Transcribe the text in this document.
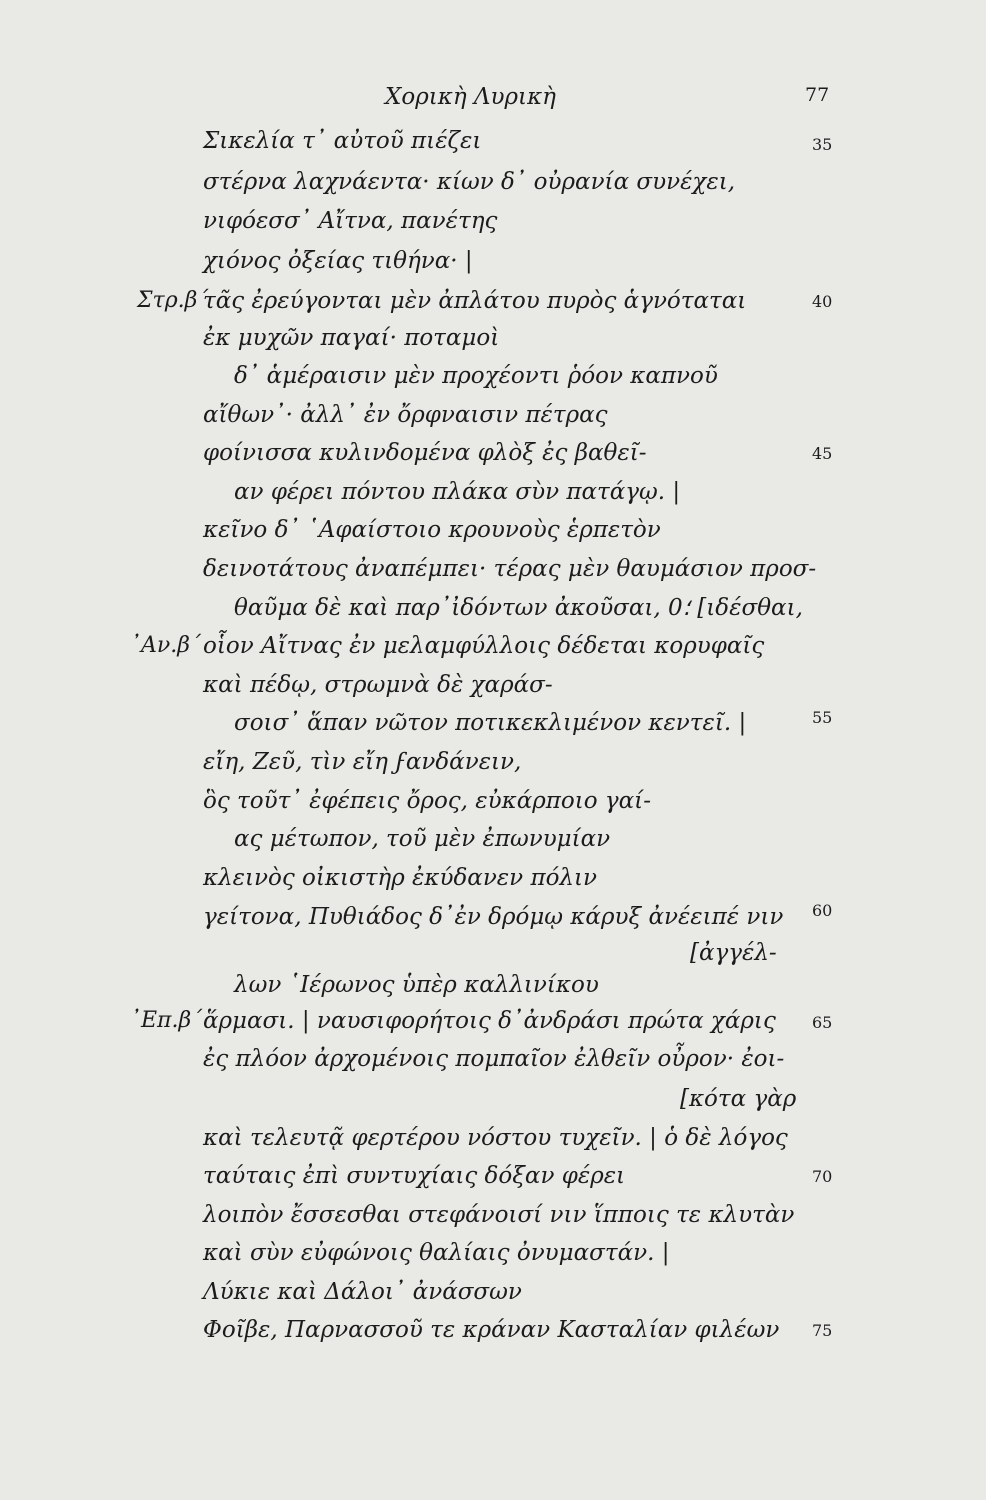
Χορικὴ Λυρικὴ	77
Στρ.β΄
᾽Αν.β΄
᾽Επ.β΄
Σικελία τ᾽ αὐτοῦ πιέζει
στέρνα λαχνάεντα· κίων δ᾽ οὐρανία συνέχει,
νιφόεσσ᾽ Αἴτνα, πανέτης
χιόνος ὀξείας τιθήνα· |
τᾶς ἐρεύγονται μὲν ἀπλάτου πυρὸς ἁγνόταται
ἐκ μυχῶν παγαί· ποταμοὶ
δ᾽ ἁμέραισιν μὲν προχέοντι ῥόον καπνοῦ
αἴθων᾽· ἀλλ᾽ ἐν ὄρφναισιν πέτρας
φοίνισσα κυλινδομένα φλὸξ ἐς βαθεῖ-
αν φέρει πόντου πλάκα σὺν πατάγῳ. |
κεῖνο δ᾽ ῾Αφαίστοιο κρουνοὺς ἑρπετὸν
δεινοτάτους ἀναπέμπει· τέρας μὲν θαυμάσιον προσ-
θαῦμα δὲ καὶ παρ᾽ἰδόντων ἀκοῦσαι, ؛0 [ιδέσθαι,
οἷον Αἴτνας ἐν μελαμφύλλοις δέδεται κορυφαῖς
καὶ πέδῳ, στρωμνὰ δὲ χαράσ-
σοισ᾽ ἅπαν νῶτον ποτικεκλιμένον κεντεῖ. |
εἴη, Ζεῦ, τὶν εἴη ϝανδάνειν,
ὃς τοῦτ᾽ ἐφέπεις ὄρος, εὐκάρποιο γαί-
ας μέτωπον, τοῦ μὲν ἐπωνυμίαν
κλεινὸς οἰκιστὴρ ἐκύδανεν πόλιν
γείτονα, Πυθιάδος δ᾽ἐν δρόμῳ κάρυξ ἀνέειπέ νιν
[ἀγγέλ-
λων ῾Ιέρωνος ὑπὲρ καλλινίκου
ἅρμασι. | ναυσιφορήτοις δ᾽ἀνδράσι πρώτα χάρις
ἐς πλόον ἀρχομένοις πομπαῖον ἐλθεῖν οὖρον· ἐοι-
[κότα γὰρ
καὶ τελευτᾷ φερτέρου νόστου τυχεῖν. | ὁ δὲ λόγος
ταύταις ἐπὶ συντυχίαις δόξαν φέρει
λοιπὸν ἔσσεσθαι στεφάνοισί νιν ἵπποις τε κλυτὰν
καὶ σὺν εὐφώνοις θαλίαις ὀνυμαστάν. |
Λύκιε καὶ Δάλοι᾽ ἀνάσσων
Φοῖβε, Παρνασσοῦ τε κράναν Κασταλίαν φιλέων
35
40
45
55
60
65
70
75
